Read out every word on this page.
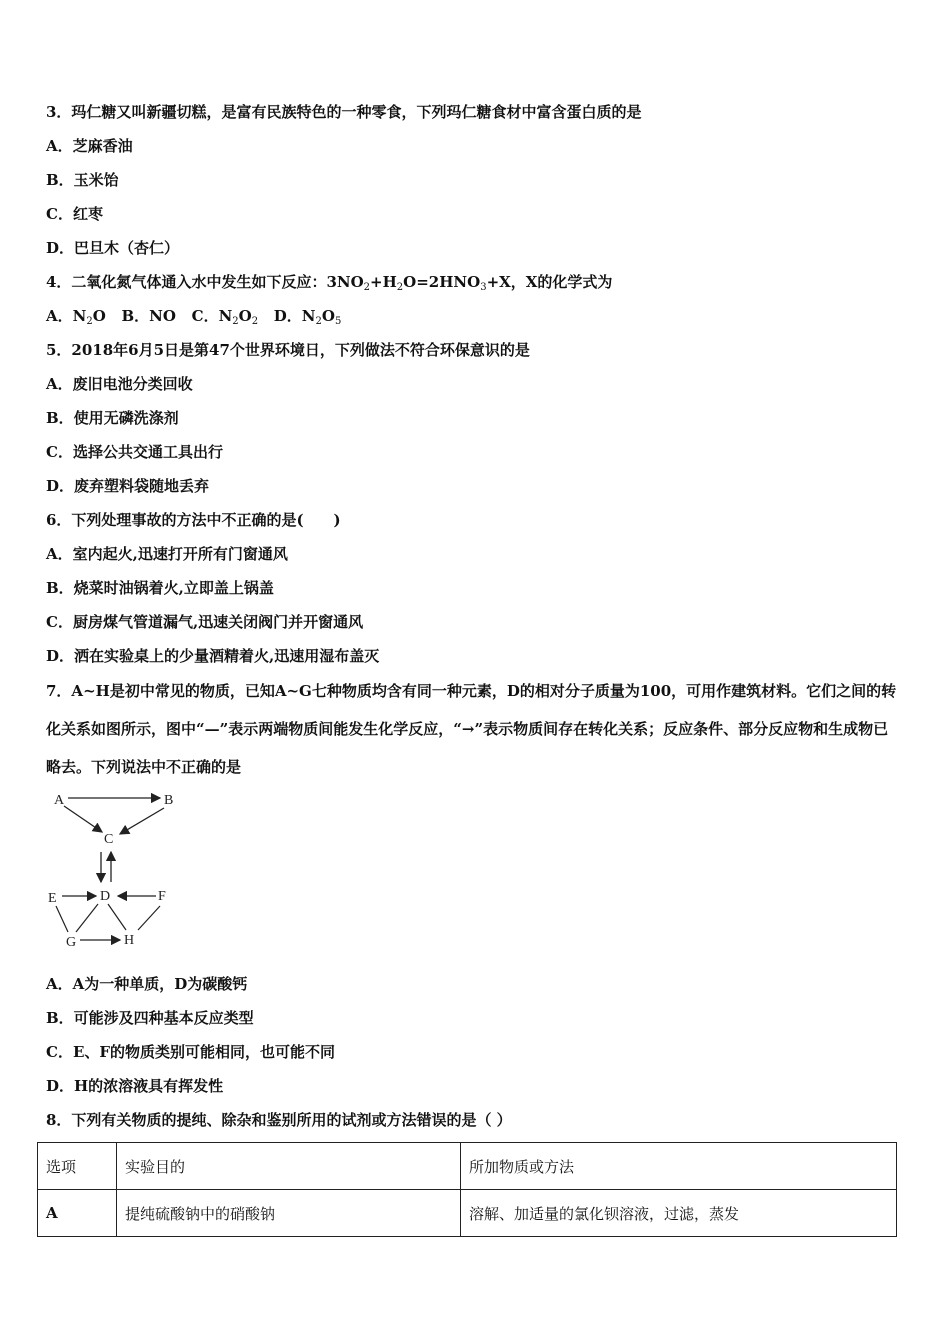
3．玛仁糖又叫新疆切糕，是富有民族特色的一种零食，下列玛仁糖食材中富含蛋白质的是
A．芝麻香油
B．玉米饴
C．红枣
D．巴旦木（杏仁）
4．二氧化氮气体通入水中发生如下反应：$3NO_2+H_2O=2HNO_3+X$，X的化学式为
A．$N_2O$ B．NO C．$N_2O_2$ D．$N_2O_5$
5．2018年6月5日是第47个世界环境日，下列做法不符合环保意识的是
A．废旧电池分类回收
B．使用无磷洗涤剂
C．选择公共交通工具出行
D．废弃塑料袋随地丢弃
6．下列处理事故的方法中不正确的是(　　)
A．室内起火,迅速打开所有门窗通风
B．烧菜时油锅着火,立即盖上锅盖
C．厨房煤气管道漏气,迅速关闭阀门并开窗通风
D．洒在实验桌上的少量酒精着火,迅速用湿布盖灭
7．A~H是初中常见的物质，已知A~G七种物质均含有同一种元素，D的相对分子质量为100，可用作建筑材料。它们之间的转化关系如图所示，图中“—”表示两端物质间能发生化学反应，“→”表示物质间存在转化关系；反应条件、部分反应物和生成物已略去。下列说法中不正确的是
A	B
C
D
E	F
G	H
A．A为一种单质，D为碳酸钙
B．可能涉及四种基本反应类型
C．E、F的物质类别可能相同，也可能不同
D．H的浓溶液具有挥发性
8．下列有关物质的提纯、除杂和鉴别所用的试剂或方法错误的是（ ）
选项	实验目的	所加物质或方法
A	提纯硫酸钠中的硝酸钠	溶解、加适量的氯化钡溶液，过滤，蒸发
